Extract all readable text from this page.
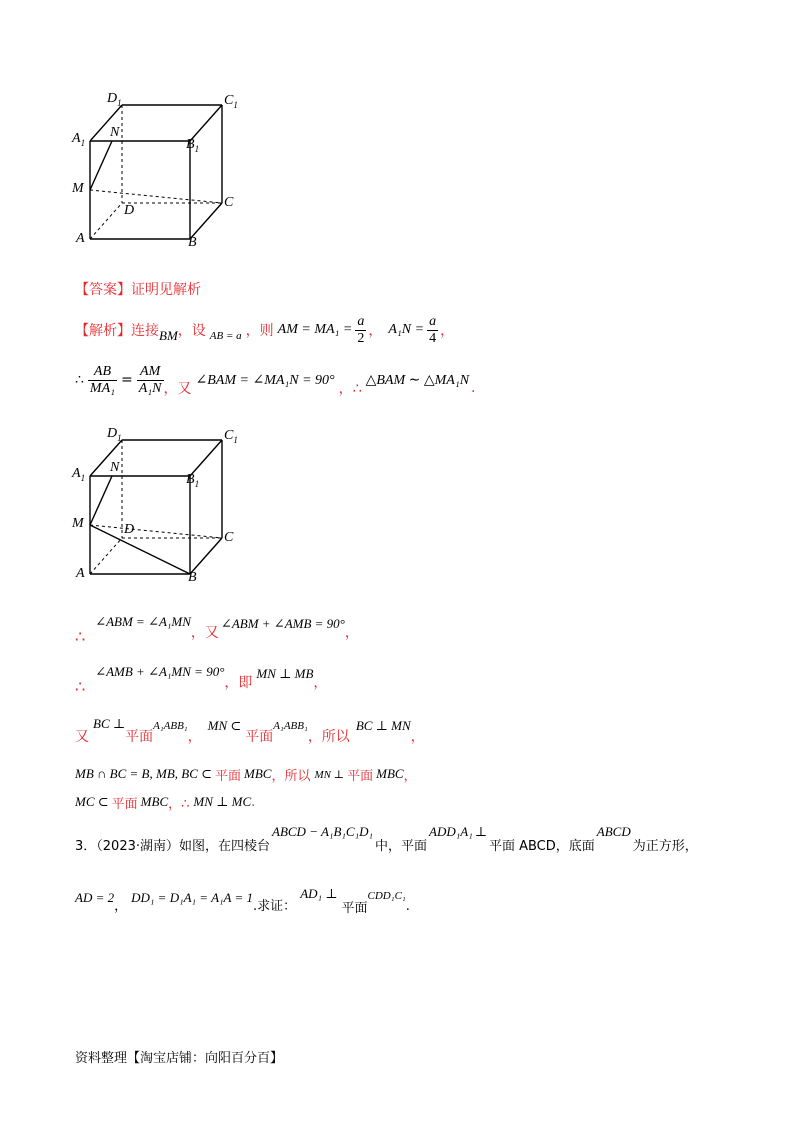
$D_1$	$C_1$
$A_1$
N
$B_1$
M
D
C
A	B
【答案】证明见解析
【解析】 连接 BM ，设 AB = a ，则 AM = $MA_1 = \frac{a}{2}$ ， $A_1N = \frac{a}{4}$ ，
∴ $\frac{AB}{\text{MA₁}} = \frac{AM}{\text{A₁N}}$ ，又
∠BAM = ∠MA₁N = 90°
，∴
△BAM ∼ △MA₁N .
$D_1$	$C_1$
$A_1$
N
$B_1$
M	D
C
A	B
∴
∠ABM = ∠A₁MN
，又
∠ABM + ∠AMB = 90°
，
∴
∠AMB + ∠A₁MN = 90°
，即
MN ⊥ MB
，
又
BC ⊥
平面
A₁ABB₁
，
MN ⊂
平面
A₁ABB₁
，所以
BC ⊥ MN
，
MB ∩ BC = B, MB, BC ⊂ 平面 MBC ，所以 MN ⊥ 平面 MBC ，
MC ⊂ 平面 MBC ，∴ MN ⊥ MC .
3．（2023·湖南）如图，在四棱台
ABCD − A₁B₁C₁D₁
中，平面
ADD₁A₁ ⊥
平面 ABCD ，底面
ABCD
为正方形，
AD = 2
，
DD₁ = D₁A₁ = A₁A = 1
.求证：
AD₁ ⊥
平面
CDD₁C₁
.
资料整理【淘宝店铺：向阳百分百】
